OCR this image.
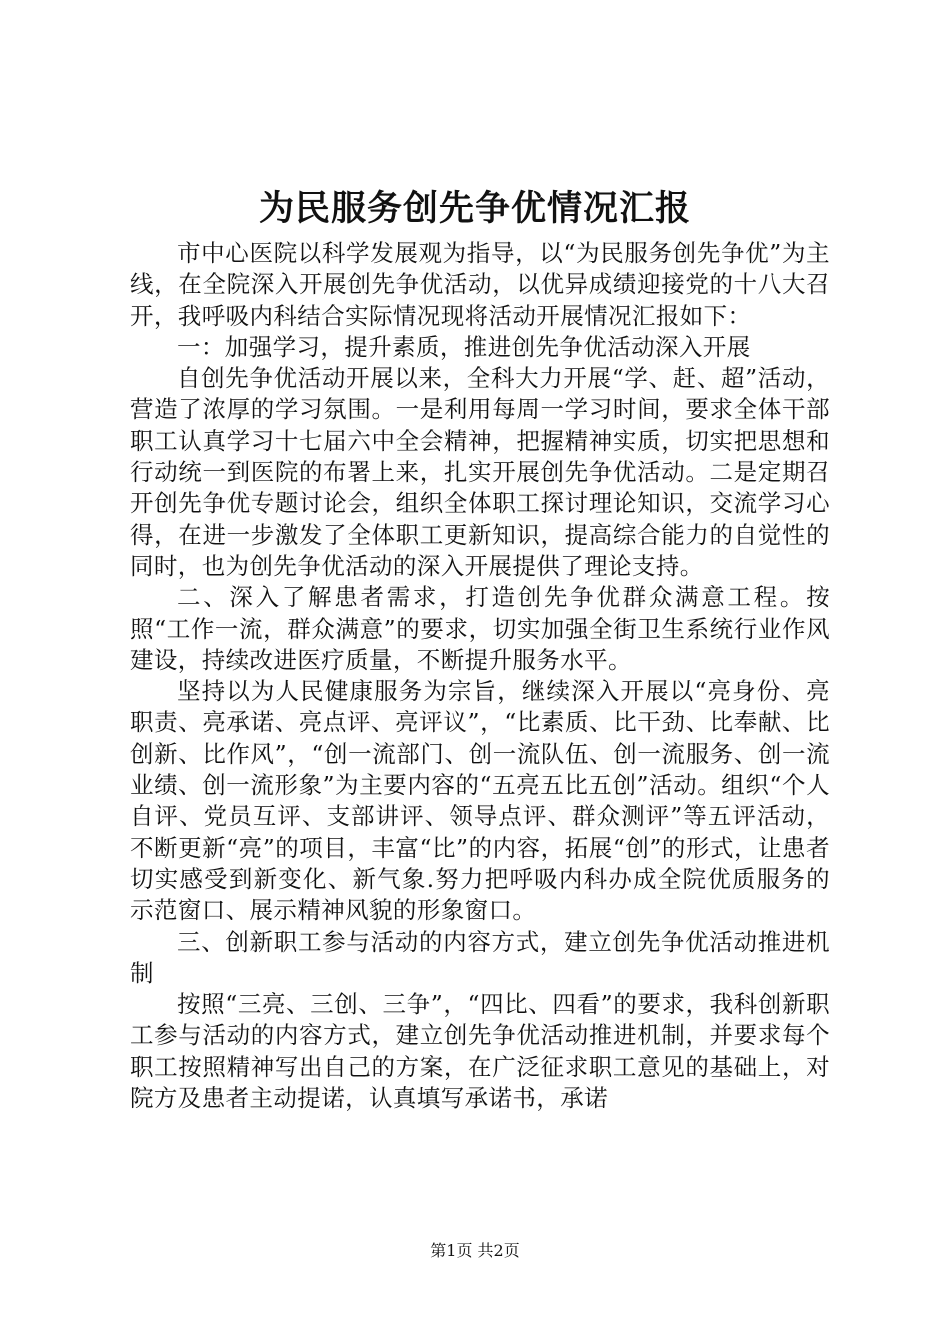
为民服务创先争优情况汇报

市中心医院以科学发展观为指导，以“为民服务创先争优”为主线，在全院深入开展创先争优活动，以优异成绩迎接党的十八大召开，我呼吸内科结合实际情况现将活动开展情况汇报如下：

一：加强学习，提升素质，推进创先争优活动深入开展

自创先争优活动开展以来，全科大力开展“学、赶、超”活动，营造了浓厚的学习氛围。一是利用每周一学习时间，要求全体干部职工认真学习十七届六中全会精神，把握精神实质，切实把思想和行动统一到医院的布署上来，扎实开展创先争优活动。二是定期召开创先争优专题讨论会，组织全体职工探讨理论知识，交流学习心得，在进一步激发了全体职工更新知识，提高综合能力的自觉性的同时，也为创先争优活动的深入开展提供了理论支持。

二、深入了解患者需求，打造创先争优群众满意工程。按照“工作一流，群众满意”的要求，切实加强全街卫生系统行业作风建设，持续改进医疗质量，不断提升服务水平。

坚持以为人民健康服务为宗旨，继续深入开展以“亮身份、亮职责、亮承诺、亮点评、亮评议”，“比素质、比干劲、比奉献、比创新、比作风”，“创一流部门、创一流队伍、创一流服务、创一流业绩、创一流形象”为主要内容的“五亮五比五创”活动。组织“个人自评、党员互评、支部讲评、领导点评、群众测评”等五评活动，不断更新“亮”的项目，丰富“比”的内容，拓展“创”的形式，让患者切实感受到新变化、新气象.努力把呼吸内科办成全院优质服务的示范窗口、展示精神风貌的形象窗口。

三、创新职工参与活动的内容方式，建立创先争优活动推进机制

按照“三亮、三创、三争”，“四比、四看”的要求，我科创新职工参与活动的内容方式，建立创先争优活动推进机制，并要求每个职工按照精神写出自己的方案，在广泛征求职工意见的基础上，对院方及患者主动提诺，认真填写承诺书，承诺

第1页 共2页
